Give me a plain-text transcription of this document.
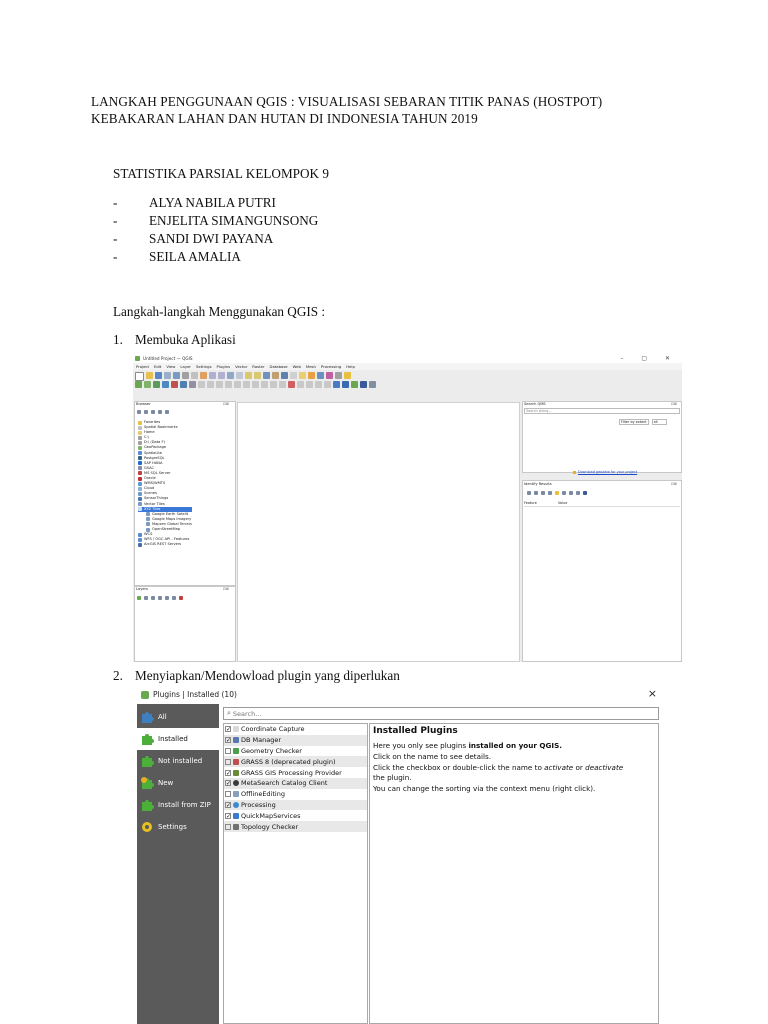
LANGKAH PENGGUNAAN QGIS : VISUALISASI SEBARAN TITIK PANAS (HOSTPOT)
KEBAKARAN LAHAN DAN HUTAN DI INDONESIA TAHUN 2019
STATISTIKA PARSIAL KELOMPOK 9
-	ALYA NABILA PUTRI
-	ENJELITA SIMANGUNSONG
-	SANDI DWI PAYANA
-	SEILA AMALIA
Langkah-langkah Menggunakan QGIS :
1. Membuka Aplikasi
Untitled Project — QGIS	– ▢ ✕
Project Edit View Layer Settings Plugins Vector Raster Database Web Mesh Processing Help
Browser	⊡⊠
Favorites
Spatial Bookmarks
Home
C:\
D:\ (Data F)
GeoPackage
SpatiaLite
PostgreSQL
SAP HANA
GSAC
MS SQL Server
Oracle
WMS/WMTS
Cloud
Scenes
SensorThings
Vector Tiles
XYZ Tiles
Google Earth Satelit
Google Maps Imagery
Mapzen Global Terrain
OpenStreetMap
WCS
WFS / OGC API - Features
ArcGIS REST Servers
Layers	⊡⊠
Search QMS	⊡⊠
Search string...
Filter by extent	all
Download geodata for your project
Identify Results	⊡⊠
Feature	Value
2. Menyiapkan/Mendowload plugin yang diperlukan
Plugins | Installed (10)	×
All
Installed
Not installed
New
Install from ZIP
Settings
⌕
Search...
✓ Coordinate Capture
✓ DB Manager
Geometry Checker
GRASS 8 (deprecated plugin)
✓ GRASS GIS Processing Provider
✓ MetaSearch Catalog Client
OfflineEditing
✓ Processing
✓ QuickMapServices
Topology Checker
Installed Plugins

Here you only see plugins installed on your QGIS.

Click on the name to see details.

Click the checkbox or double-click the name to activate or deactivate

the plugin.

You can change the sorting via the context menu (right click).
